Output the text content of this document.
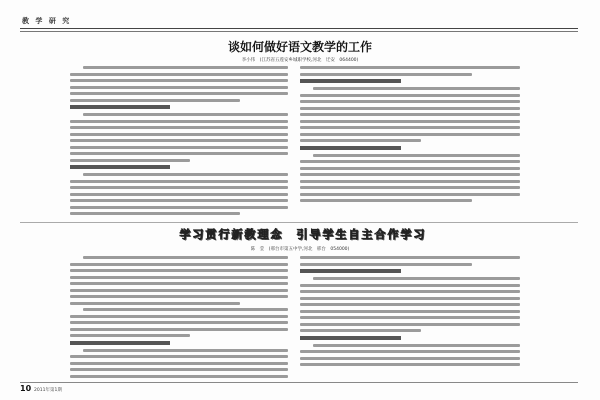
教 学 研 究
谈如何做好语文教学的工作
李小伟　(江苏省五莲安乡城职学校,河北　迁安　064400)
学习贯行新教理念　引导学生自主合作学习
陈　莹　(邢台市第五中学,河北　邢台　054000)
10 2011年第1期
